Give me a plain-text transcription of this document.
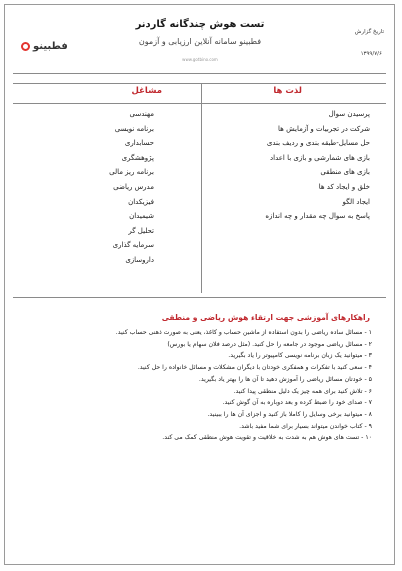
فطبینو
تست هوش چندگانه گاردنر
فطبینو سامانه آنلاین ارزیابی و آزمون
www.gotbino.com
تاریخ گزارش
۱۳۹۹/۷/۶
لذت ها
مشاغل
پرسیدن سوال
شرکت در تجربیات و آزمایش ها
حل مسایل-طبقه بندی و ردیف بندی
بازی های شمارشی و بازی با اعداد
بازی های منطقی
خلق و ایجاد کد ها
ایجاد الگو
پاسخ به سوال چه مقدار و چه اندازه
مهندسی
برنامه نویسی
حسابداری
پژوهشگری
برنامه ریز مالی
مدرس ریاضی
فیزیکدان
شیمیدان
تحلیل گر
سرمایه گذاری
داروسازی
راهکارهای آموزشی جهت ارتقاء هوش ریاضی و منطقی
۱ - مسائل ساده ریاضی را بدون استفاده از ماشین حساب و کاغذ، یعنی به صورت ذهنی حساب کنید.
۲ - مسائل ریاضی موجود در جامعه را حل کنید. (مثل درصد فلان سهام یا بورس)
۳ - میتوانید یک زبان برنامه نویسی کامپیوتر را یاد بگیرید.
۴ - سعی کنید با تفکرات و همفکری خودتان با دیگران مشکلات و مسائل خانواده را حل کنید.
۵ - خودتان مسائل ریاضی را آموزش دهید تا آن ها را بهتر یاد بگیرید.
۶ - تلاش کنید برای همه چیز یک دلیل منطقی پیدا کنید.
۷ - صدای خود را ضبط کرده و بعد دوباره به آن گوش کنید.
۸ - میتوانید برخی وسایل را کاملا باز کنید و اجزای آن ها را ببینید.
۹ - کتاب خواندن میتواند بسیار برای شما مفید باشد.
۱۰ - تست های هوش هم به شدت به خلاقیت و تقویت هوش منطقی کمک می کند.
